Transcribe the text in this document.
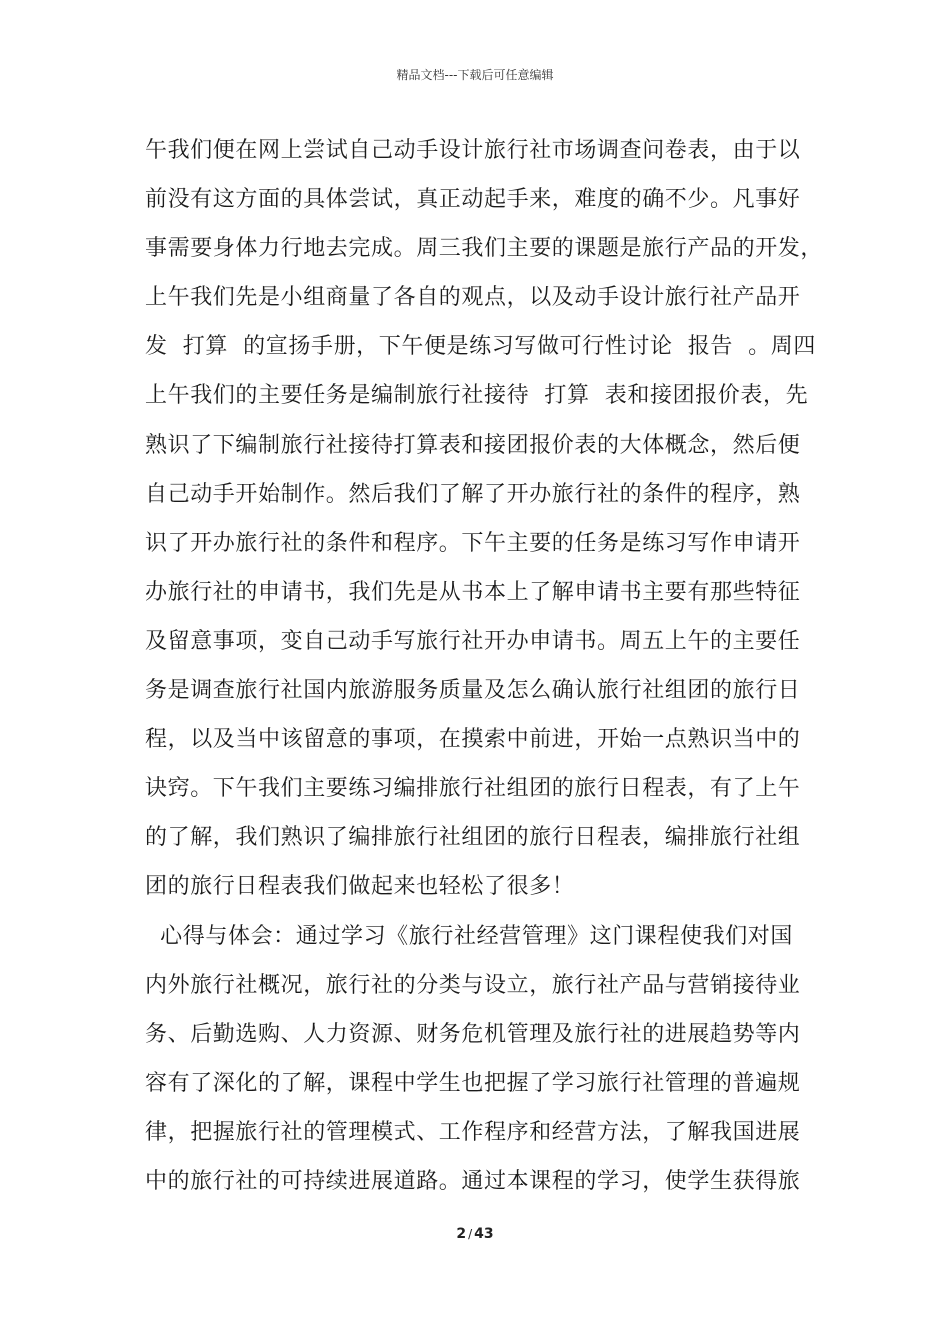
精品文档---下载后可任意编辑
午我们便在网上尝试自己动手设计旅行社市场调查问卷表，由于以
前没有这方面的具体尝试，真正动起手来，难度的确不少。凡事好
事需要身体力行地去完成。周三我们主要的课题是旅行产品的开发，
上午我们先是小组商量了各自的观点，以及动手设计旅行社产品开
发  打算  的宣扬手册，下午便是练习写做可行性讨论  报告  。周四
上午我们的主要任务是编制旅行社接待  打算  表和接团报价表，先
熟识了下编制旅行社接待打算表和接团报价表的大体概念，然后便
自己动手开始制作。然后我们了解了开办旅行社的条件的程序，熟
识了开办旅行社的条件和程序。下午主要的任务是练习写作申请开
办旅行社的申请书，我们先是从书本上了解申请书主要有那些特征
及留意事项，变自己动手写旅行社开办申请书。周五上午的主要任
务是调查旅行社国内旅游服务质量及怎么确认旅行社组团的旅行日
程，以及当中该留意的事项，在摸索中前进，开始一点熟识当中的
诀窍。下午我们主要练习编排旅行社组团的旅行日程表，有了上午
的了解，我们熟识了编排旅行社组团的旅行日程表，编排旅行社组
团的旅行日程表我们做起来也轻松了很多！
心得与体会：通过学习《旅行社经营管理》这门课程使我们对国
内外旅行社概况，旅行社的分类与设立，旅行社产品与营销接待业
务、后勤选购、人力资源、财务危机管理及旅行社的进展趋势等内
容有了深化的了解，课程中学生也把握了学习旅行社管理的普遍规
律，把握旅行社的管理模式、工作程序和经营方法，了解我国进展
中的旅行社的可持续进展道路。通过本课程的学习，使学生获得旅
2 / 43
